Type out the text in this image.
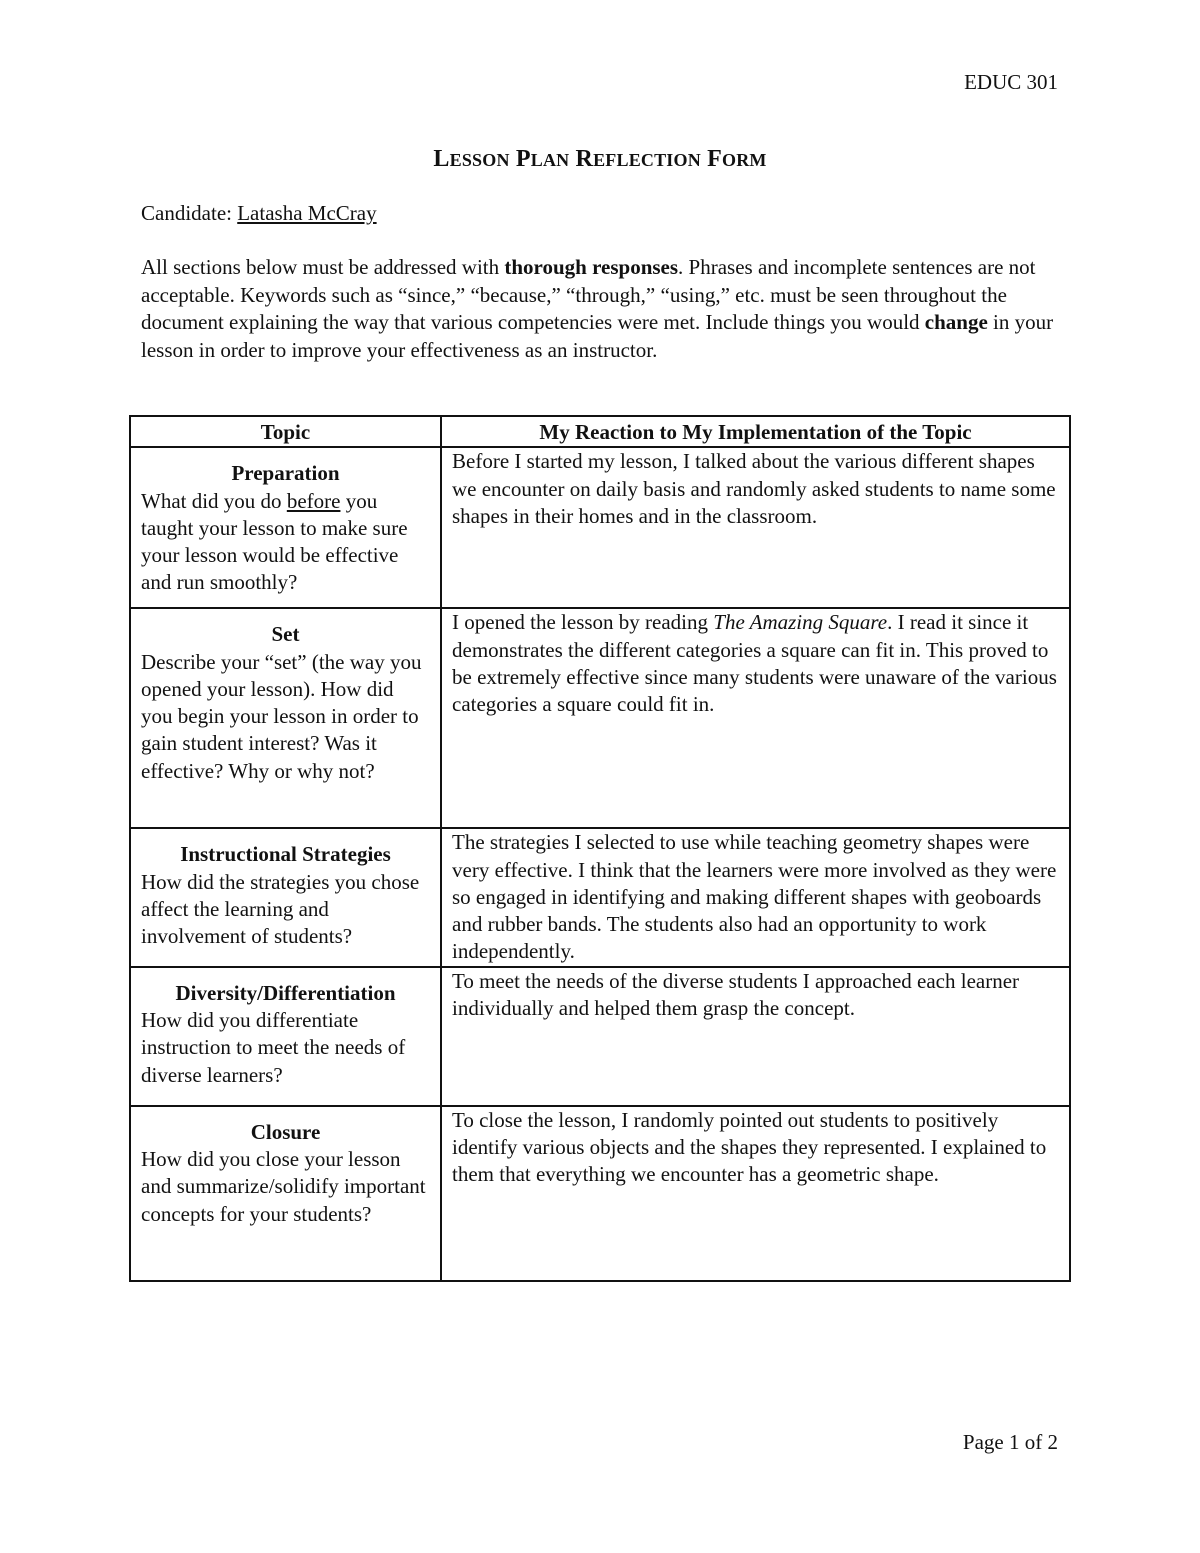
EDUC 301
LESSON PLAN REFLECTION FORM
Candidate: Latasha McCray
All sections below must be addressed with thorough responses. Phrases and incomplete sentences are not acceptable. Keywords such as “since,” “because,” “through,” “using,” etc. must be seen throughout the document explaining the way that various competencies were met. Include things you would change in your lesson in order to improve your effectiveness as an instructor.
Topic	My Reaction to My Implementation of the Topic

Preparation
What did you do before you taught your lesson to make sure your lesson would be effective and run smoothly?	Before I started my lesson, I talked about the various different shapes we encounter on daily basis and randomly asked students to name some shapes in their homes and in the classroom.

Set
Describe your “set” (the way you opened your lesson). How did you begin your lesson in order to gain student interest? Was it effective? Why or why not?	I opened the lesson by reading The Amazing Square. I read it since it demonstrates the different categories a square can fit in. This proved to be extremely effective since many students were unaware of the various categories a square could fit in.

Instructional Strategies
How did the strategies you chose affect the learning and involvement of students?	The strategies I selected to use while teaching geometry shapes were very effective. I think that the learners were more involved as they were so engaged in identifying and making different shapes with geoboards and rubber bands. The students also had an opportunity to work independently.

Diversity/Differentiation
How did you differentiate instruction to meet the needs of diverse learners?	To meet the needs of the diverse students I approached each learner individually and helped them grasp the concept.

Closure
How did you close your lesson and summarize/solidify important concepts for your students?	To close the lesson, I randomly pointed out students to positively identify various objects and the shapes they represented. I explained to them that everything we encounter has a geometric shape.
Page 1 of 2
